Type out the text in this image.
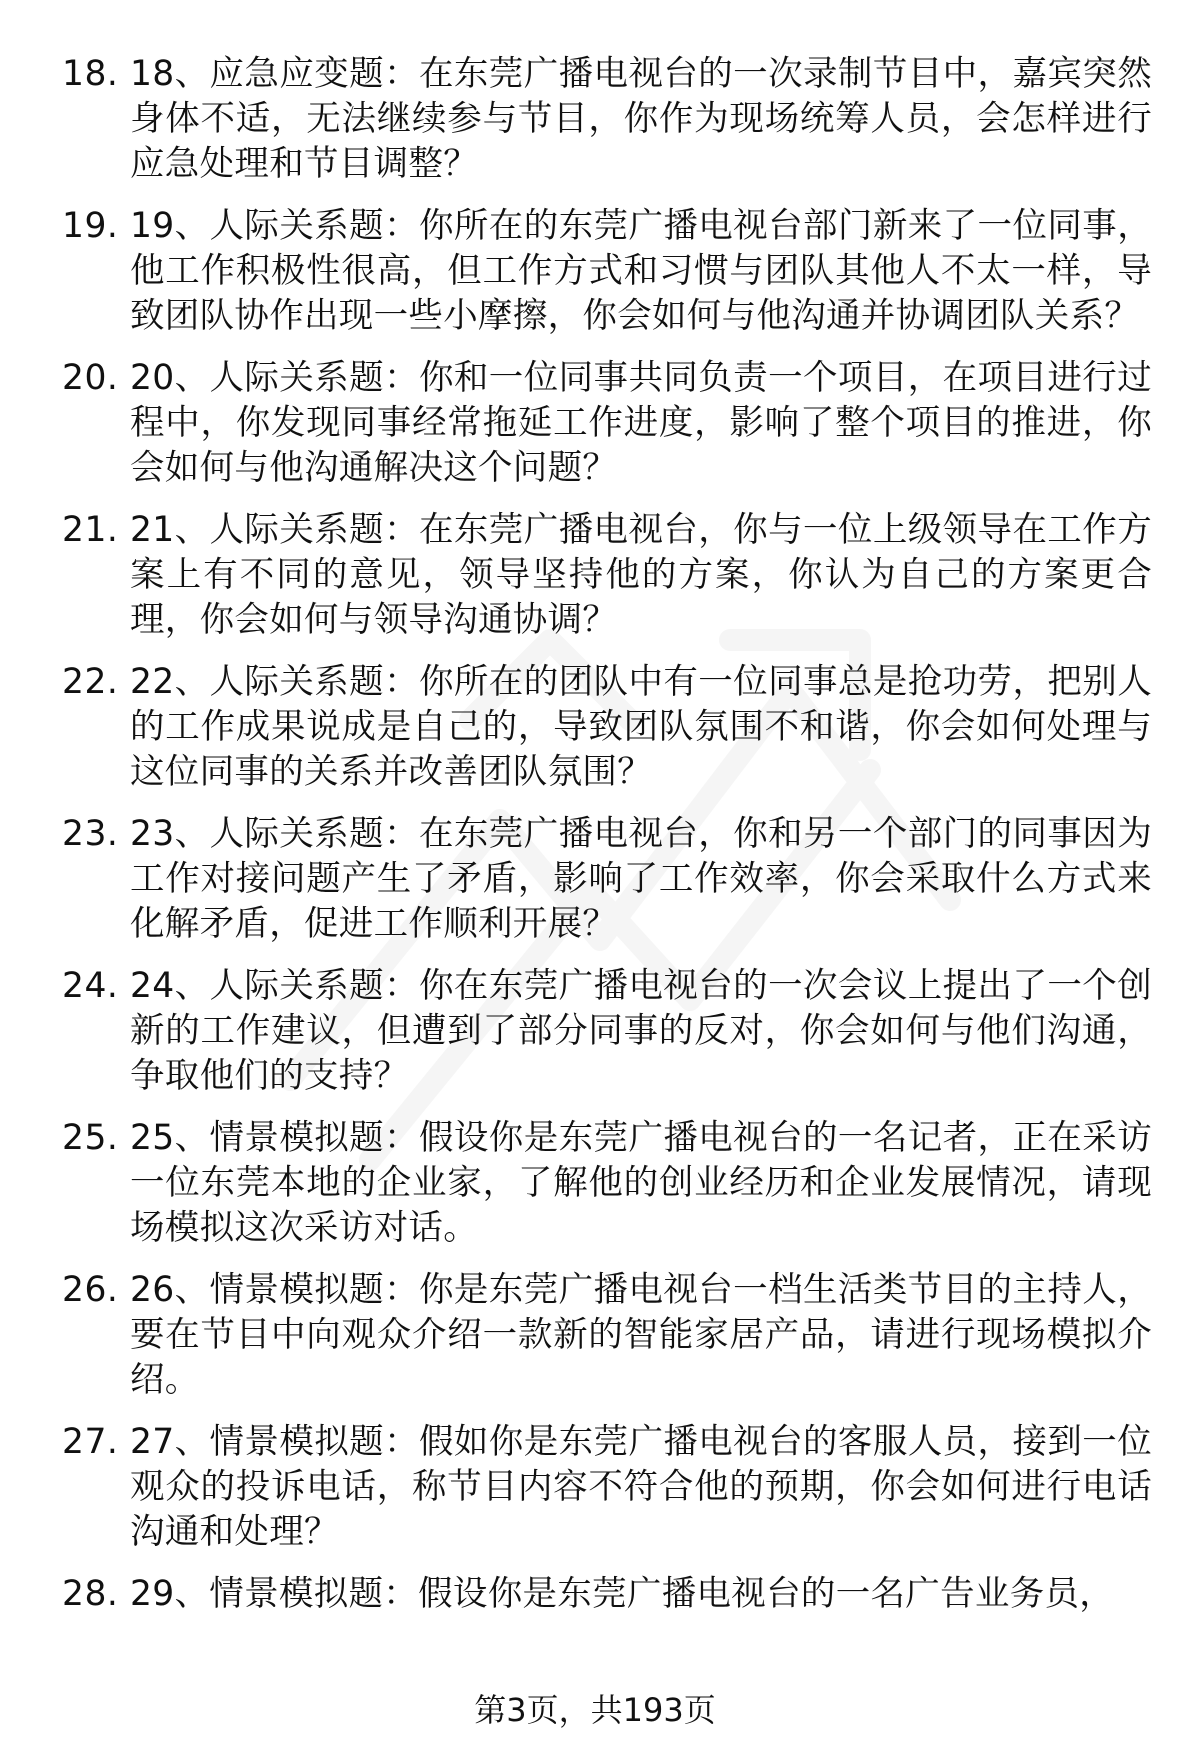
18. 18、应急应变题：在东莞广播电视台的一次录制节目中，嘉宾突然身体不适，无法继续参与节目，你作为现场统筹人员，会怎样进行应急处理和节目调整？
19. 19、人际关系题：你所在的东莞广播电视台部门新来了一位同事，他工作积极性很高，但工作方式和习惯与团队其他人不太一样，导致团队协作出现一些小摩擦，你会如何与他沟通并协调团队关系？
20. 20、人际关系题：你和一位同事共同负责一个项目，在项目进行过程中，你发现同事经常拖延工作进度，影响了整个项目的推进，你会如何与他沟通解决这个问题？
21. 21、人际关系题：在东莞广播电视台，你与一位上级领导在工作方案上有不同的意见，领导坚持他的方案，你认为自己的方案更合理，你会如何与领导沟通协调？
22. 22、人际关系题：你所在的团队中有一位同事总是抢功劳，把别人的工作成果说成是自己的，导致团队氛围不和谐，你会如何处理与这位同事的关系并改善团队氛围？
23. 23、人际关系题：在东莞广播电视台，你和另一个部门的同事因为工作对接问题产生了矛盾，影响了工作效率，你会采取什么方式来化解矛盾，促进工作顺利开展？
24. 24、人际关系题：你在东莞广播电视台的一次会议上提出了一个创新的工作建议，但遭到了部分同事的反对，你会如何与他们沟通，争取他们的支持？
25. 25、情景模拟题：假设你是东莞广播电视台的一名记者，正在采访一位东莞本地的企业家，了解他的创业经历和企业发展情况，请现场模拟这次采访对话。
26. 26、情景模拟题：你是东莞广播电视台一档生活类节目的主持人，要在节目中向观众介绍一款新的智能家居产品，请进行现场模拟介绍。
27. 27、情景模拟题：假如你是东莞广播电视台的客服人员，接到一位观众的投诉电话，称节目内容不符合他的预期，你会如何进行电话沟通和处理？
28. 29、情景模拟题：假设你是东莞广播电视台的一名广告业务员，
第3页，共193页
